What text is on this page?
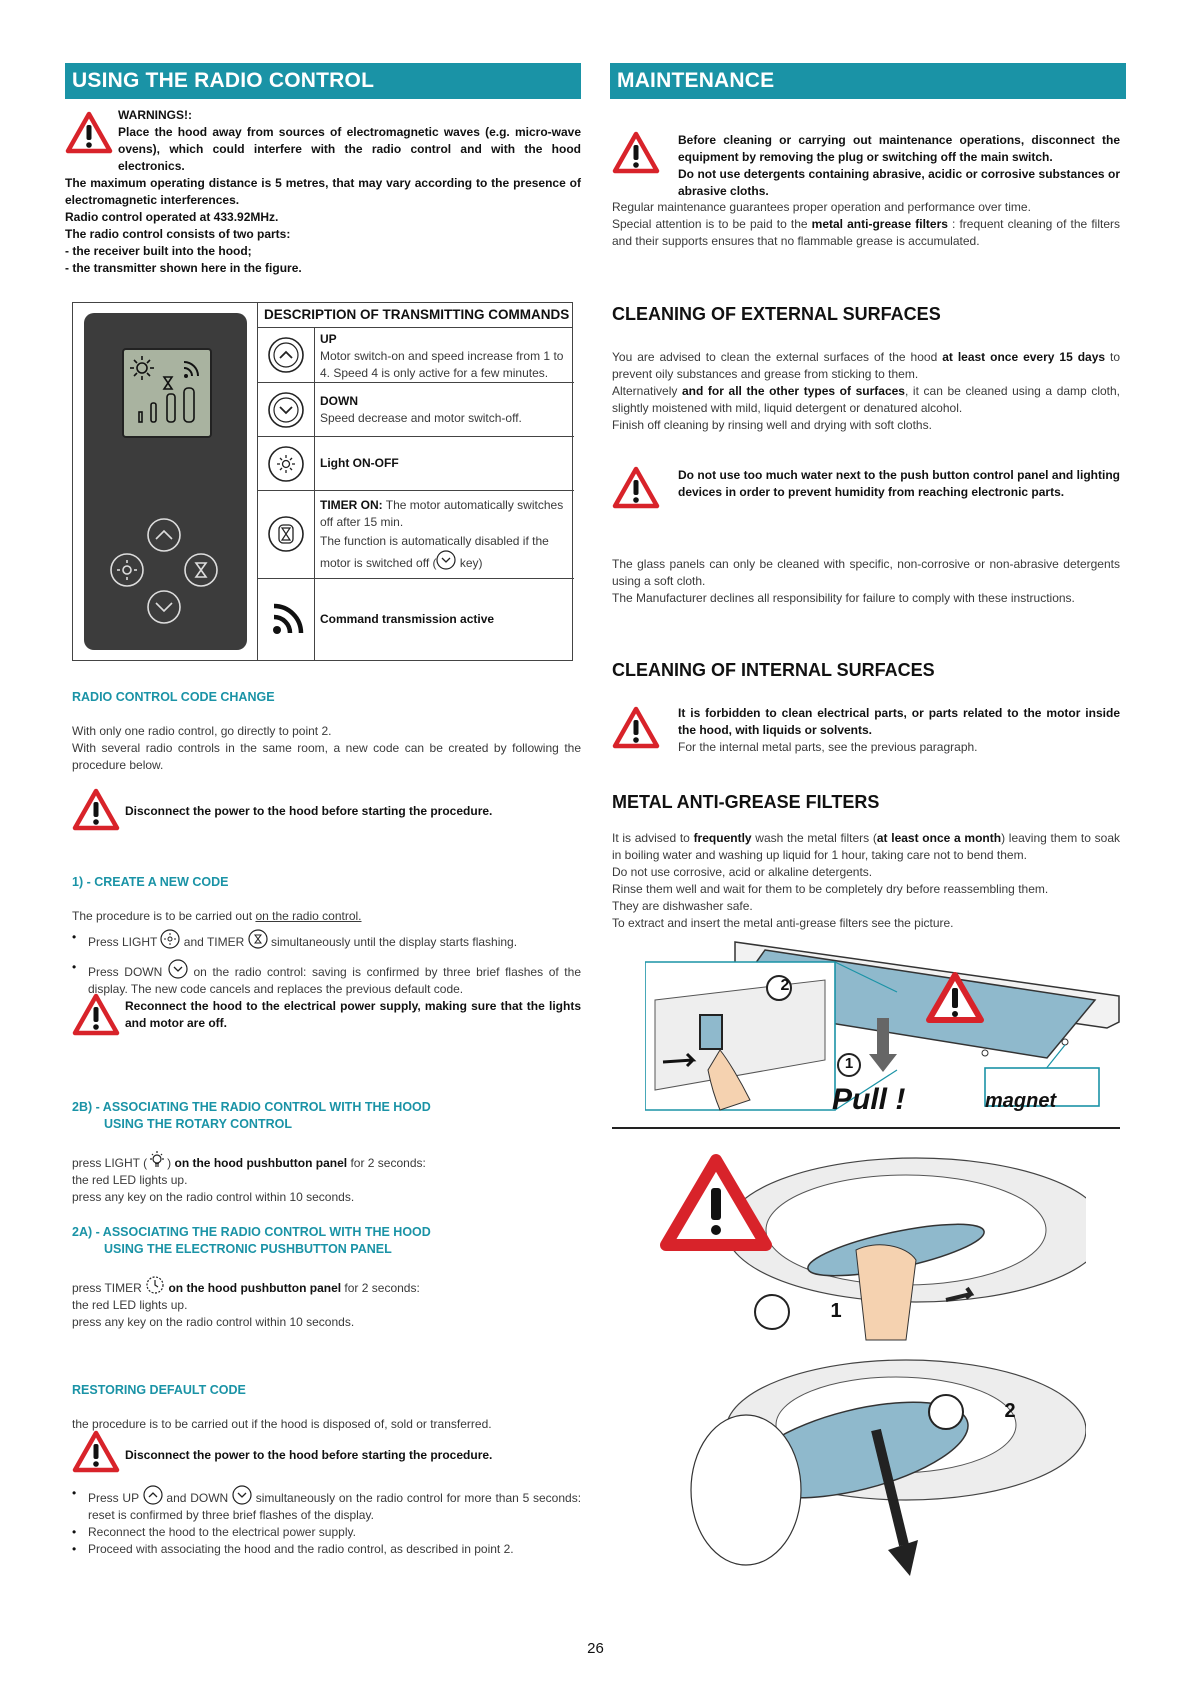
USING THE RADIO CONTROL
WARNINGS!:
Place the hood away from sources of electromagnetic waves (e.g. micro-wave ovens), which could interfere with the radio control and with the hood electronics.
The maximum operating distance is 5 metres, that may vary according to the presence of electromagnetic interferences.
Radio control operated at 433.92MHz.
The radio control consists of two parts:
- the receiver built into the hood;
- the transmitter shown here in the figure.
DESCRIPTION OF TRANSMITTING COMMANDS
UP
Motor switch-on and speed increase from 1 to 4. Speed 4 is only active for a few minutes.
DOWN
Speed decrease and motor switch-off.
Light ON-OFF
TIMER ON: The motor automatically switches off after 15 min.
The function is automatically disabled if the motor is switched off (
key)
Command transmission active
RADIO CONTROL CODE CHANGE
With only one radio control, go directly to point 2.
With several radio controls in the same room, a new code can be created by following the procedure below.
Disconnect the power to the hood before starting the procedure.
1) - CREATE A NEW CODE
The procedure is to be carried out on the radio control.
• Press LIGHT
and TIMER
simultaneously until the display starts flashing.
• Press DOWN
on the radio control: saving is confirmed by three brief flashes of the display. The new code cancels and replaces the previous default code.
Reconnect the hood to the electrical power supply, making sure that the lights and motor are off.
2B) - ASSOCIATING THE RADIO CONTROL WITH THE HOOD
USING THE ROTARY CONTROL
press LIGHT ( ) on the hood pushbutton panel for 2 seconds:
the red LED lights up.
press any key on the radio control within 10 seconds.
2A) - ASSOCIATING THE RADIO CONTROL WITH THE HOOD
USING THE ELECTRONIC PUSHBUTTON PANEL
press TIMER
on the hood pushbutton panel for 2 seconds:
the red LED lights up.
press any key on the radio control within 10 seconds.
RESTORING DEFAULT CODE
the procedure is to be carried out if the hood is disposed of, sold or transferred.
Disconnect the power to the hood before starting the procedure.
• Press UP
and DOWN
simultaneously on the radio control for more than 5 seconds: reset is confirmed by three brief flashes of the display.
• Reconnect the hood to the electrical power supply.
• Proceed with associating the hood and the radio control, as described in point 2.
MAINTENANCE
Before cleaning or carrying out maintenance operations, disconnect the equipment by removing the plug or switching off the main switch.
Do not use detergents containing abrasive, acidic or corrosive substances or abrasive cloths.
Regular maintenance guarantees proper operation and performance over time.
Special attention is to be paid to the metal anti-grease filters : frequent cleaning of the filters and their supports ensures that no flammable grease is accumulated.
CLEANING OF EXTERNAL SURFACES
You are advised to clean the external surfaces of the hood at least once every 15 days to prevent oily substances and grease from sticking to them.
Alternatively and for all the other types of surfaces, it can be cleaned using a damp cloth, slightly moistened with mild, liquid detergent or denatured alcohol.
Finish off cleaning by rinsing well and drying with soft cloths.
Do not use too much water next to the push button control panel and lighting devices in order to prevent humidity from reaching electronic parts.
The glass panels can only be cleaned with specific, non-corrosive or non-abrasive detergents using a soft cloth.
The Manufacturer declines all responsibility for failure to comply with these instructions.
CLEANING OF INTERNAL SURFACES
It is forbidden to clean electrical parts, or parts related to the motor inside the hood, with liquids or solvents.
For the internal metal parts, see the previous paragraph.
METAL ANTI-GREASE FILTERS
It is advised to frequently wash the metal filters (at least once a month) leaving them to soak in boiling water and washing up liquid for 1 hour, taking care not to bend them.
Do not use corrosive, acid or alkaline detergents.
Rinse them well and wait for them to be completely dry before reassembling them.
They are dishwasher safe.
To extract and insert the metal anti-grease filters see the picture.
2
1
Pull !	magnet
1
2
26
